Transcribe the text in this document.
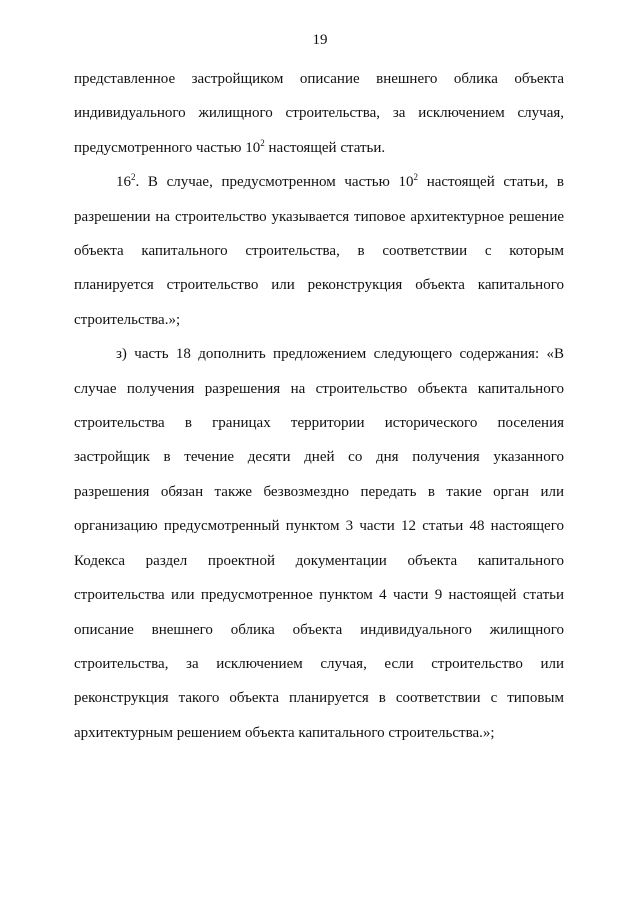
19

представленное застройщиком описание внешнего облика объекта
индивидуального жилищного строительства, за исключением случая,
предусмотренного частью $10^2$ настоящей статьи.

$16^2$. В случае, предусмотренном частью $10^2$ настоящей статьи, в
разрешении на строительство указывается типовое архитектурное решение
объекта капитального строительства, в соответствии с которым
планируется строительство или реконструкция объекта капитального
строительства.»;

з) часть 18 дополнить предложением следующего содержания: «В
случае получения разрешения на строительство объекта капитального
строительства в границах территории исторического поселения
застройщик в течение десяти дней со дня получения указанного
разрешения обязан также безвозмездно передать в такие орган или
организацию предусмотренный пунктом 3 части 12 статьи 48 настоящего
Кодекса раздел проектной документации объекта капитального
строительства или предусмотренное пунктом 4 части 9 настоящей статьи
описание внешнего облика объекта индивидуального жилищного
строительства, за исключением случая, если строительство или
реконструкция такого объекта планируется в соответствии с типовым
архитектурным решением объекта капитального строительства.»;
